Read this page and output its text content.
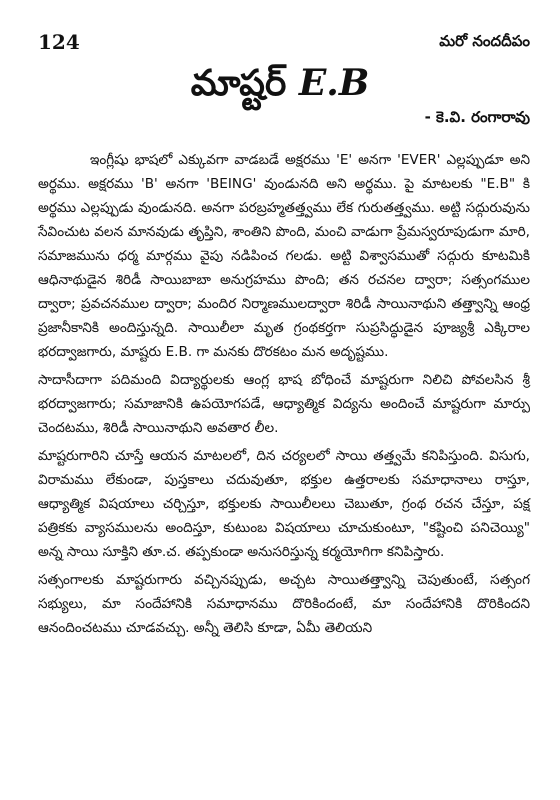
124	మరో నందదీపం
మాష్టర్ E.B
- కె.వి. రంగారావు

ఇంగ్లీషు భాషలో ఎక్కువగా వాడబడే అక్షరము 'E' అనగా 'EVER' ఎల్లప్పుడూ అని అర్థము. అక్షరము 'B' అనగా 'BEING' వుండునది అని అర్థము. పై మాటలకు "E.B" కి అర్థము ఎల్లప్పుడు వుండునది. అనగా పరబ్రహ్మతత్త్వము లేక గురుతత్త్వము. అట్టి సద్గురువును సేవించుట వలన మానవుడు తృప్తిని, శాంతిని పొంది, మంచి వాడుగా ప్రేమస్వరూపుడుగా మారి, సమాజమును ధర్మ మార్గము వైపు నడిపించ గలడు. అట్టి విశ్వాసముతో సద్గురు కూటమికి ఆధినాథుడైన శిరిడీ సాయిబాబా అనుగ్రహము పొంది; తన రచనల ద్వారా; సత్సంగముల ద్వారా; ప్రవచనముల ద్వారా; మందిర నిర్మాణములద్వారా శిరిడీ సాయినాథుని తత్త్వాన్ని ఆంధ్ర ప్రజానీకానికి అందిస్తున్నది. సాయిలీలా మృత గ్రంథకర్తగా సుప్రసిద్ధుడైన పూజ్యశ్రీ ఎక్కిరాల భరద్వాజగారు, మాష్టరు E.B. గా మనకు దొరకటం మన అదృష్టము.

సాదాసీదాగా పదిమంది విద్యార్థులకు ఆంగ్ల భాష బోధించే మాష్టరుగా నిలిచి పోవలసిన శ్రీ భరద్వాజగారు; సమాజానికి ఉపయోగపడే, ఆధ్యాత్మిక విద్యను అందించే మాష్టరుగా మార్పు చెందటము, శిరిడీ సాయినాథుని అవతార లీల.

మాష్టరుగారిని చూస్తే ఆయన మాటలలో, దిన చర్యలలో సాయి తత్త్వమే కనిపిస్తుంది. విసుగు, విరామము లేకుండా, పుస్తకాలు చదువుతూ, భక్తుల ఉత్తరాలకు సమాధానాలు రాస్తూ, ఆధ్యాత్మిక విషయాలు చర్చిస్తూ, భక్తులకు సాయిలీలలు చెబుతూ, గ్రంథ రచన చేస్తూ, పక్ష పత్రికకు వ్యాసములను అందిస్తూ, కుటుంబ విషయాలు చూచుకుంటూ, "కష్టించి పనిచెయ్యి" అన్న సాయి సూక్తిని తూ.చ. తప్పకుండా అనుసరిస్తున్న కర్మయోగిగా కనిపిస్తారు.

సత్సంగాలకు మాష్టరుగారు వచ్చినప్పుడు, అచ్చట సాయితత్త్వాన్ని చెపుతుంటే, సత్సంగ సభ్యులు, మా సందేహానికి సమాధానము దొరికిందంటే, మా సందేహానికి దొరికిందని ఆనందించటము చూడవచ్చు. అన్నీ తెలిసి కూడా, ఏమీ తెలియని
